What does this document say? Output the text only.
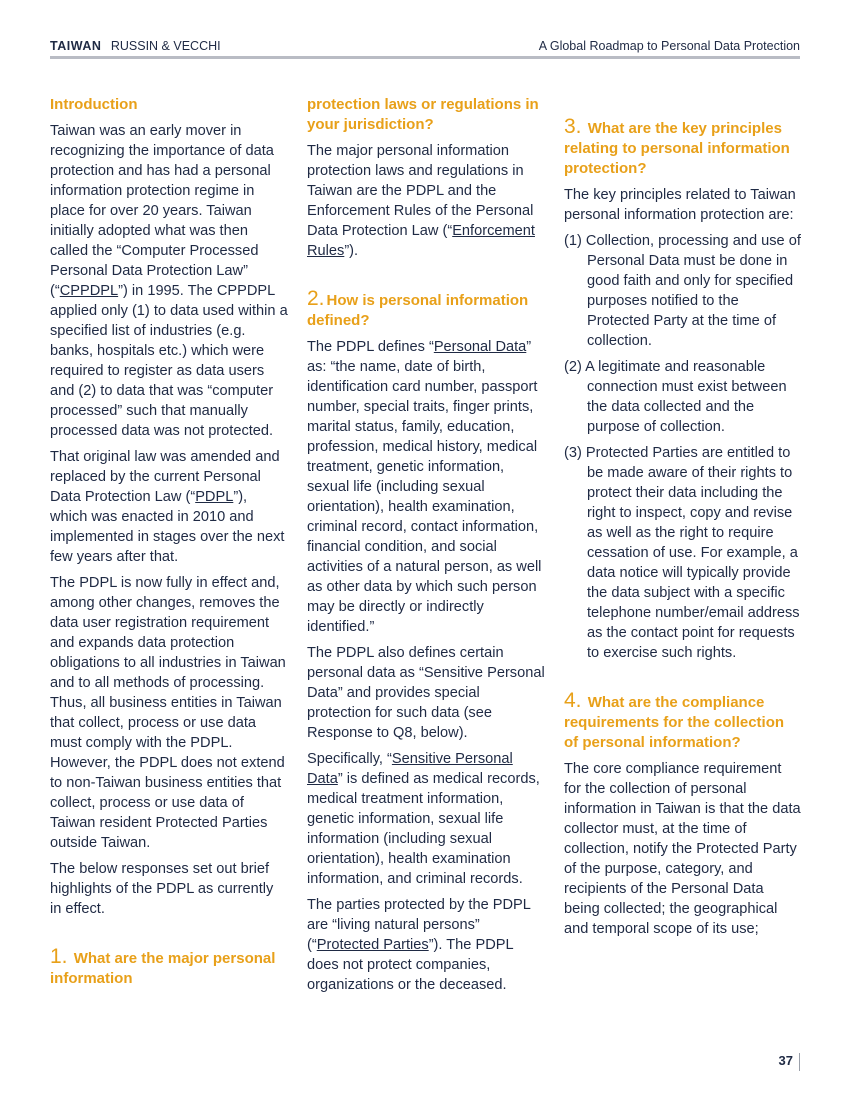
TAIWAN RUSSIN & VECCHI	A Global Roadmap to Personal Data Protection
Introduction

Taiwan was an early mover in recognizing the importance of data protection and has had a personal information protection regime in place for over 20 years. Taiwan initially adopted what was then called the “Computer Processed Personal Data Protection Law” (“CPPDPL”) in 1995. The CPPDPL applied only (1) to data used within a specified list of industries (e.g. banks, hospitals etc.) which were required to register as data users and (2) to data that was “computer processed” such that manually processed data was not protected.

That original law was amended and replaced by the current Personal Data Protection Law (“PDPL”), which was enacted in 2010 and implemented in stages over the next few years after that.

The PDPL is now fully in effect and, among other changes, removes the data user registration requirement and expands data protection obligations to all industries in Taiwan and to all methods of processing. Thus, all business entities in Taiwan that collect, process or use data must comply with the PDPL. However, the PDPL does not extend to non-Taiwan business entities that collect, process or use data of Taiwan resident Protected Parties outside Taiwan.

The below responses set out brief highlights of the PDPL as currently in effect.

1. What are the major personal information
protection laws or regulations in your jurisdiction?

The major personal information protection laws and regulations in Taiwan are the PDPL and the Enforcement Rules of the Personal Data Protection Law (“Enforcement Rules”).

2. How is personal information defined?

The PDPL defines “Personal Data” as: “the name, date of birth, identification card number, passport number, special traits, finger prints, marital status, family, education, profession, medical history, medical treatment, genetic information, sexual life (including sexual orientation), health examination, criminal record, contact information, financial condition, and social activities of a natural person, as well as other data by which such person may be directly or indirectly identified.”

The PDPL also defines certain personal data as “Sensitive Personal Data” and provides special protection for such data (see Response to Q8, below).

Specifically, “Sensitive Personal Data” is defined as medical records, medical treatment information, genetic information, sexual life information (including sexual orientation), health examination information, and criminal records.

The parties protected by the PDPL are “living natural persons” (“Protected Parties”). The PDPL does not protect companies, organizations or the deceased.

3. What are the key principles relating to personal information protection?

The key principles related to Taiwan personal information protection are:

(1) Collection, processing and use of Personal Data must be done in good faith and only for specified purposes notified to the Protected Party at the time of collection.
(2) A legitimate and reasonable connection must exist between the data collected and the purpose of collection.
(3) Protected Parties are entitled to be made aware of their rights to protect their data including the right to inspect, copy and revise as well as the right to require cessation of use. For example, a data notice will typically provide the data subject with a specific telephone number/email address as the contact point for requests to exercise such rights.
4. What are the compliance requirements for the collection of personal information?

The core compliance requirement for the collection of personal information in Taiwan is that the data collector must, at the time of collection, notify the Protected Party of the purpose, category, and recipients of the Personal Data being collected; the geographical and temporal scope of its use;

37
